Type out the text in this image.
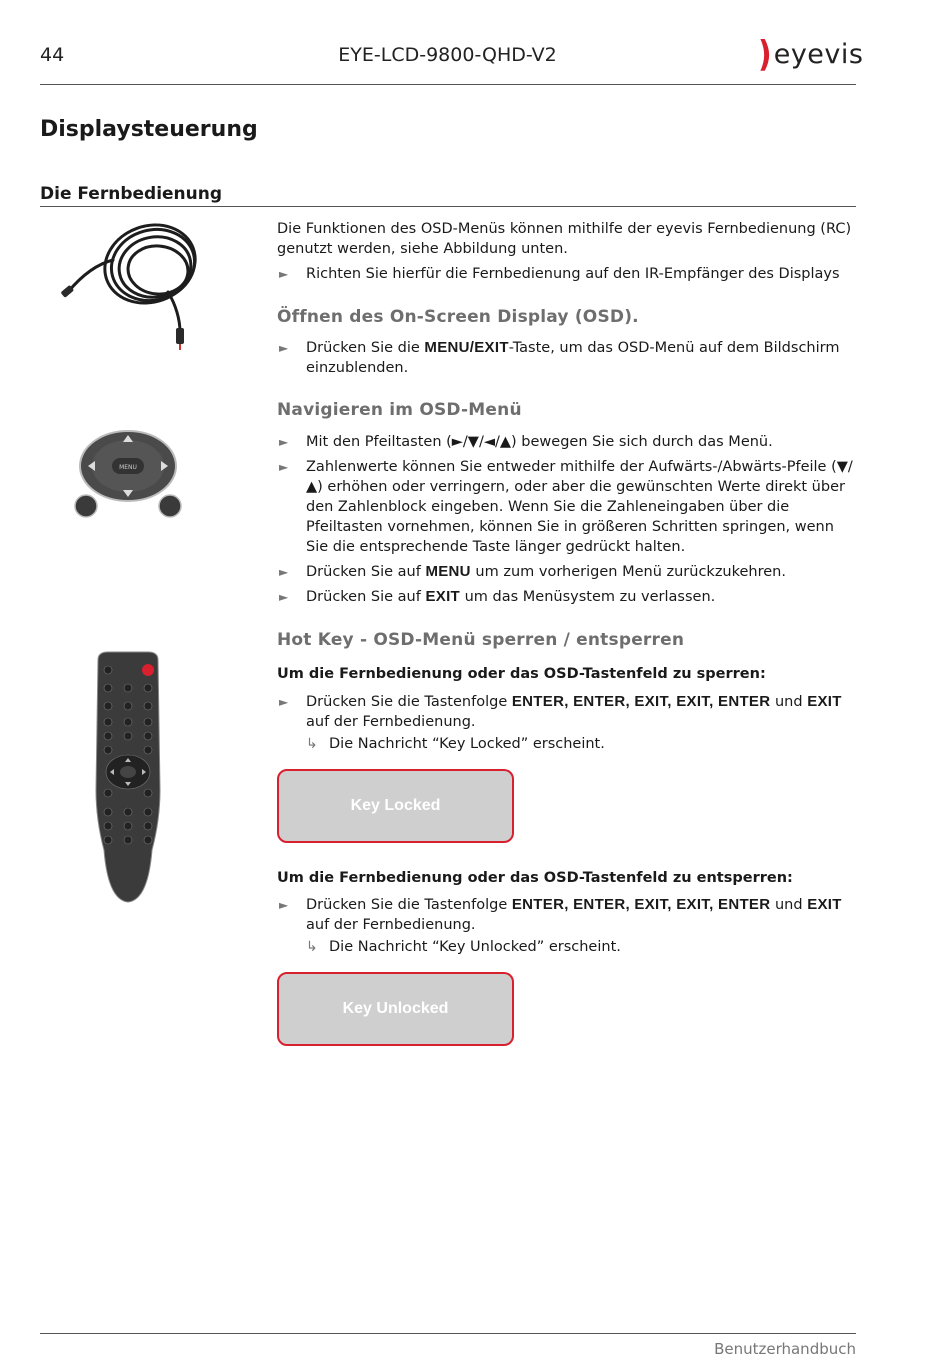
44	EYE-LCD-9800-QHD-V2	) eyevis
Displaysteuerung
Die Fernbedienung

Die Funktionen des OSD-Menüs können mithilfe der eyevis Fernbedienung (RC) genutzt werden, siehe Abbildung unten.

► Richten Sie hierfür die Fernbedienung auf den IR-Empfänger des Displays
Öffnen des On-Screen Display (OSD).
► Drücken Sie die MENU/EXIT-Taste, um das OSD-Menü auf dem Bildschirm einzublenden.
MENU
Navigieren im OSD-Menü
► Mit den Pfeiltasten (►/▼/◄/▲) bewegen Sie sich durch das Menü.
► Zahlenwerte können Sie entweder mithilfe der Aufwärts-/Abwärts-Pfeile (▼/▲) erhöhen oder verringern, oder aber die gewünschten Werte direkt über den Zahlenblock eingeben. Wenn Sie die Zahleneingaben über die Pfeiltasten vornehmen, können Sie in größeren Schritten springen, wenn Sie die entsprechende Taste länger gedrückt halten.
► Drücken Sie auf MENU um zum vorherigen Menü zurückzukehren.
► Drücken Sie auf EXIT um das Menüsystem zu verlassen.
Hot Key - OSD-Menü sperren / entsperren
Um die Fernbedienung oder das OSD-Tastenfeld zu sperren:
► Drücken Sie die Tastenfolge ENTER, ENTER, EXIT, EXIT, ENTER und EXIT auf der Fernbedienung.
↳ Die Nachricht “Key Locked” erscheint.
Key Locked
Um die Fernbedienung oder das OSD-Tastenfeld zu entsperren:
► Drücken Sie die Tastenfolge ENTER, ENTER, EXIT, EXIT, ENTER und EXIT auf der Fernbedienung.
↳ Die Nachricht “Key Unlocked” erscheint.
Key Unlocked
Benutzerhandbuch
